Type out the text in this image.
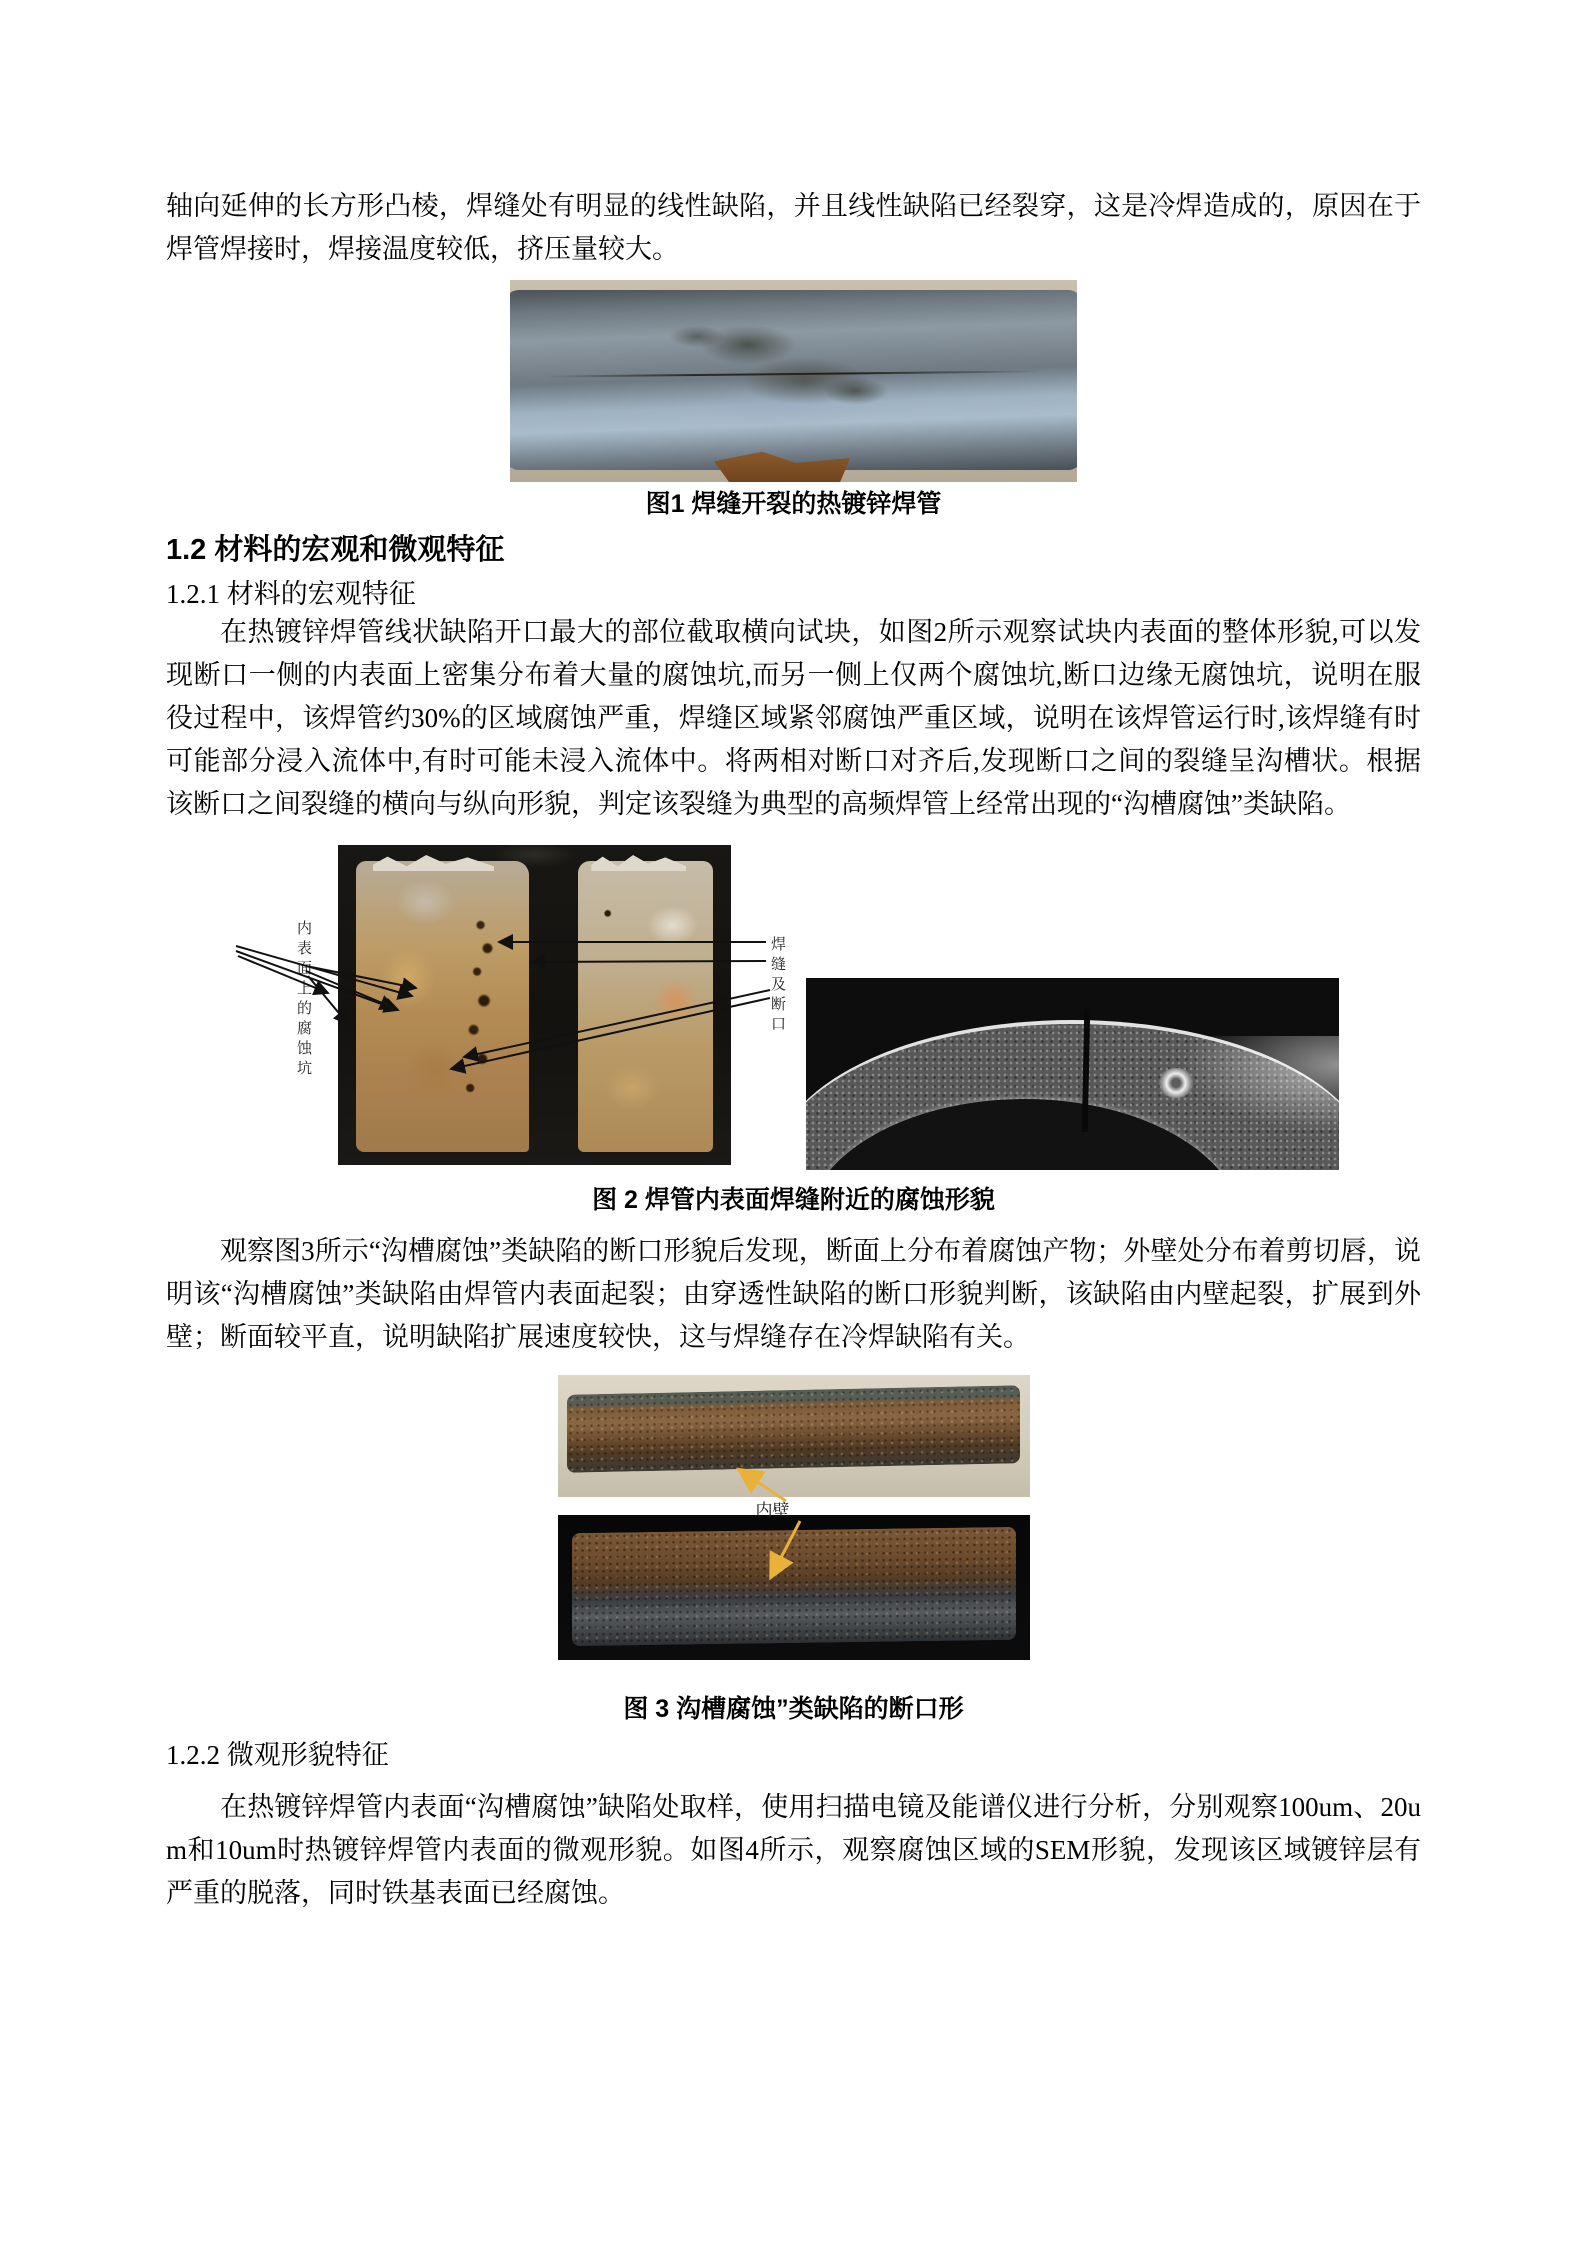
轴向延伸的长方形凸棱，焊缝处有明显的线性缺陷，并且线性缺陷已经裂穿，这是冷焊造成的，原因在于焊管焊接时，焊接温度较低，挤压量较大。

图1 焊缝开裂的热镀锌焊管
1.2 材料的宏观和微观特征
1.2.1 材料的宏观特征

在热镀锌焊管线状缺陷开口最大的部位截取横向试块，如图2所示观察试块内表面的整体形貌,可以发现断口一侧的内表面上密集分布着大量的腐蚀坑,而另一侧上仅两个腐蚀坑,断口边缘无腐蚀坑，说明在服役过程中，该焊管约30%的区域腐蚀严重，焊缝区域紧邻腐蚀严重区域，说明在该焊管运行时,该焊缝有时可能部分浸入流体中,有时可能未浸入流体中。将两相对断口对齐后,发现断口之间的裂缝呈沟槽状。根据该断口之间裂缝的横向与纵向形貌，判定该裂缝为典型的高频焊管上经常出现的“沟槽腐蚀”类缺陷。

内表面上的腐蚀坑	焊缝及断口
图 2 焊管内表面焊缝附近的腐蚀形貌

观察图3所示“沟槽腐蚀”类缺陷的断口形貌后发现，断面上分布着腐蚀产物；外壁处分布着剪切唇，说明该“沟槽腐蚀”类缺陷由焊管内表面起裂；由穿透性缺陷的断口形貌判断，该缺陷由内壁起裂，扩展到外壁；断面较平直，说明缺陷扩展速度较快，这与焊缝存在冷焊缺陷有关。

内壁
图 3 沟槽腐蚀”类缺陷的断口形
1.2.2 微观形貌特征

在热镀锌焊管内表面“沟槽腐蚀”缺陷处取样，使用扫描电镜及能谱仪进行分析，分别观察100um、20um和10um时热镀锌焊管内表面的微观形貌。如图4所示，观察腐蚀区域的SEM形貌，发现该区域镀锌层有严重的脱落，同时铁基表面已经腐蚀。
